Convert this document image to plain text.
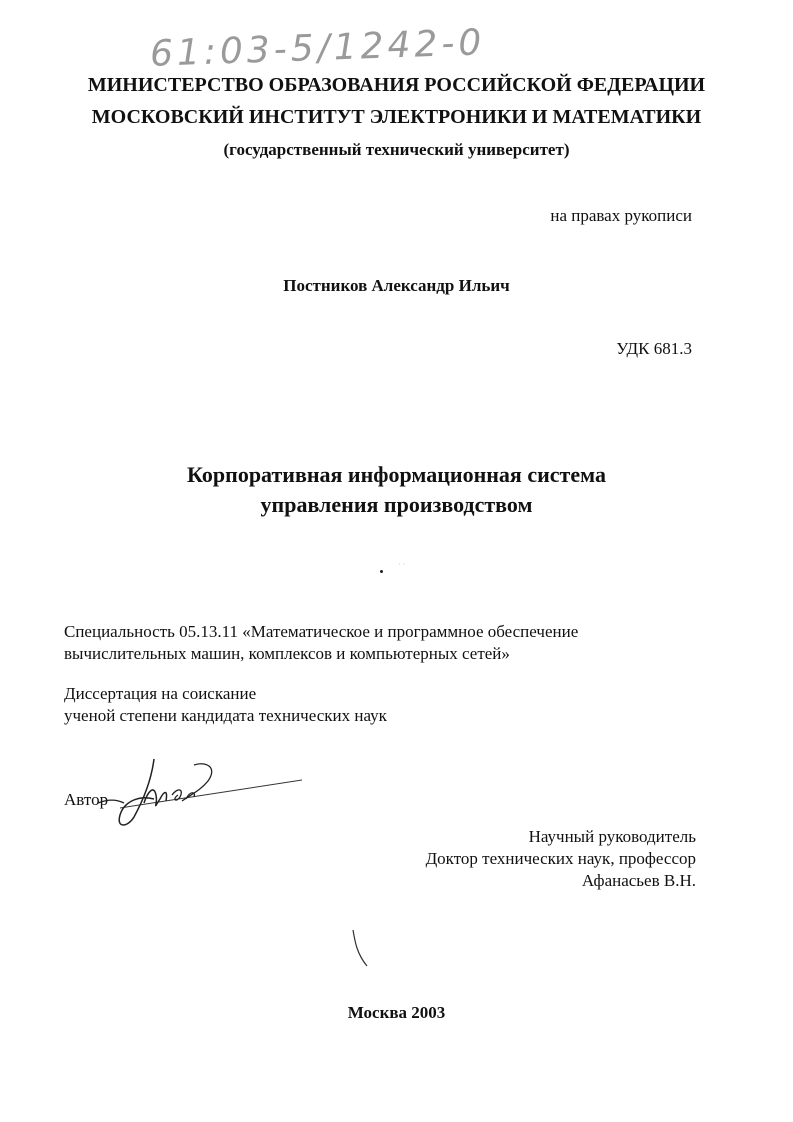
61:03-5/1242-0
МИНИСТЕРСТВО ОБРАЗОВАНИЯ РОССИЙСКОЙ ФЕДЕРАЦИИ
МОСКОВСКИЙ ИНСТИТУТ ЭЛЕКТРОНИКИ И МАТЕМАТИКИ
(государственный технический университет)
на правах рукописи
Постников Александр Ильич
УДК 681.3
Корпоративная информационная система
управления производством
· ·
Специальность 05.13.11 «Математическое и программное обеспечение
вычислительных машин, комплексов и компьютерных сетей»
Диссертация на соискание
ученой степени кандидата технических наук
Автор
Научный руководитель
Доктор технических наук, профессор
Афанасьев В.Н.
Москва 2003
